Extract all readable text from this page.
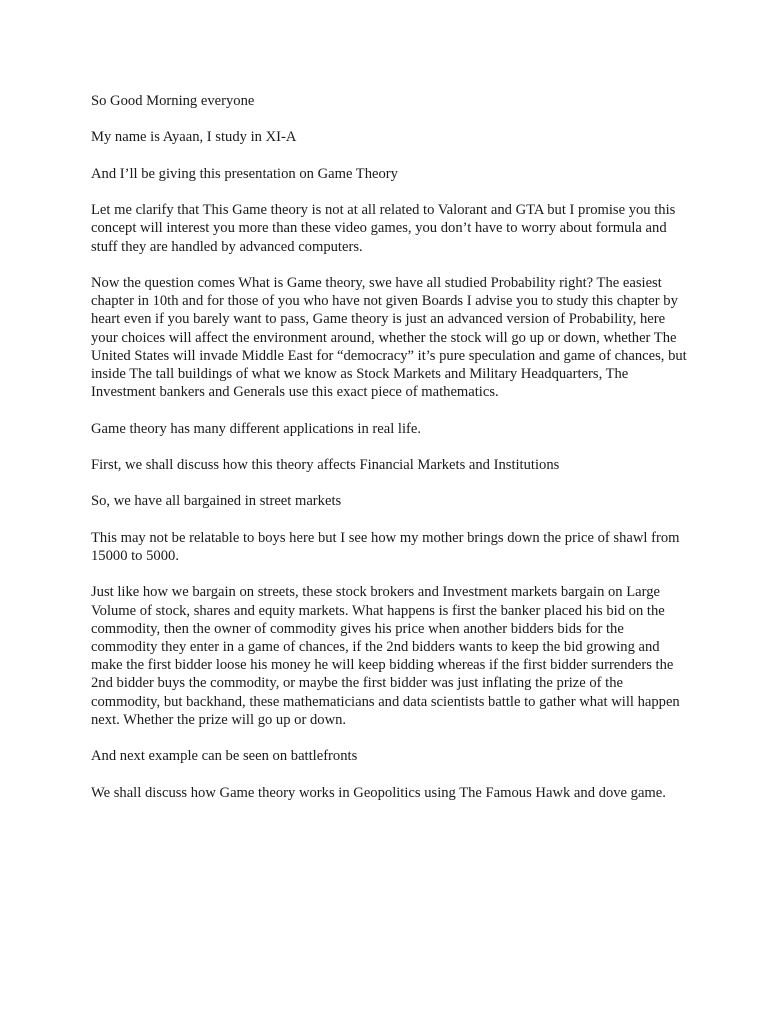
So Good Morning everyone

My name is Ayaan, I study in XI-A

And I’ll be giving this presentation on Game Theory

Let me clarify that This Game theory is not at all related to Valorant and GTA but I promise you this concept will interest you more than these video games, you don’t have to worry about formula and stuff they are handled by advanced computers.

Now the question comes What is Game theory, swe have all studied Probability right? The easiest chapter in 10th and for those of you who have not given Boards I advise you to study this chapter by heart even if you barely want to pass, Game theory is just an advanced version of Probability, here your choices will affect the environment around, whether the stock will go up or down, whether The United States will invade Middle East for “democracy” it’s pure speculation and game of chances, but inside The tall buildings of what we know as Stock Markets and Military Headquarters, The Investment bankers and Generals use this exact piece of mathematics.

Game theory has many different applications in real life.

First, we shall discuss how this theory affects Financial Markets and Institutions

So, we have all bargained in street markets

This may not be relatable to boys here but I see how my mother brings down the price of shawl from 15000 to 5000.

Just like how we bargain on streets, these stock brokers and Investment markets bargain on Large Volume of stock, shares and equity markets. What happens is first the banker placed his bid on the commodity, then the owner of commodity gives his price when another bidders bids for the commodity they enter in a game of chances, if the 2nd bidders wants to keep the bid growing and make the first bidder loose his money he will keep bidding whereas if the first bidder surrenders the 2nd bidder buys the commodity, or maybe the first bidder was just inflating the prize of the commodity, but backhand, these mathematicians and data scientists battle to gather what will happen next. Whether the prize will go up or down.

And next example can be seen on battlefronts

We shall discuss how Game theory works in Geopolitics using The Famous Hawk and dove game.
